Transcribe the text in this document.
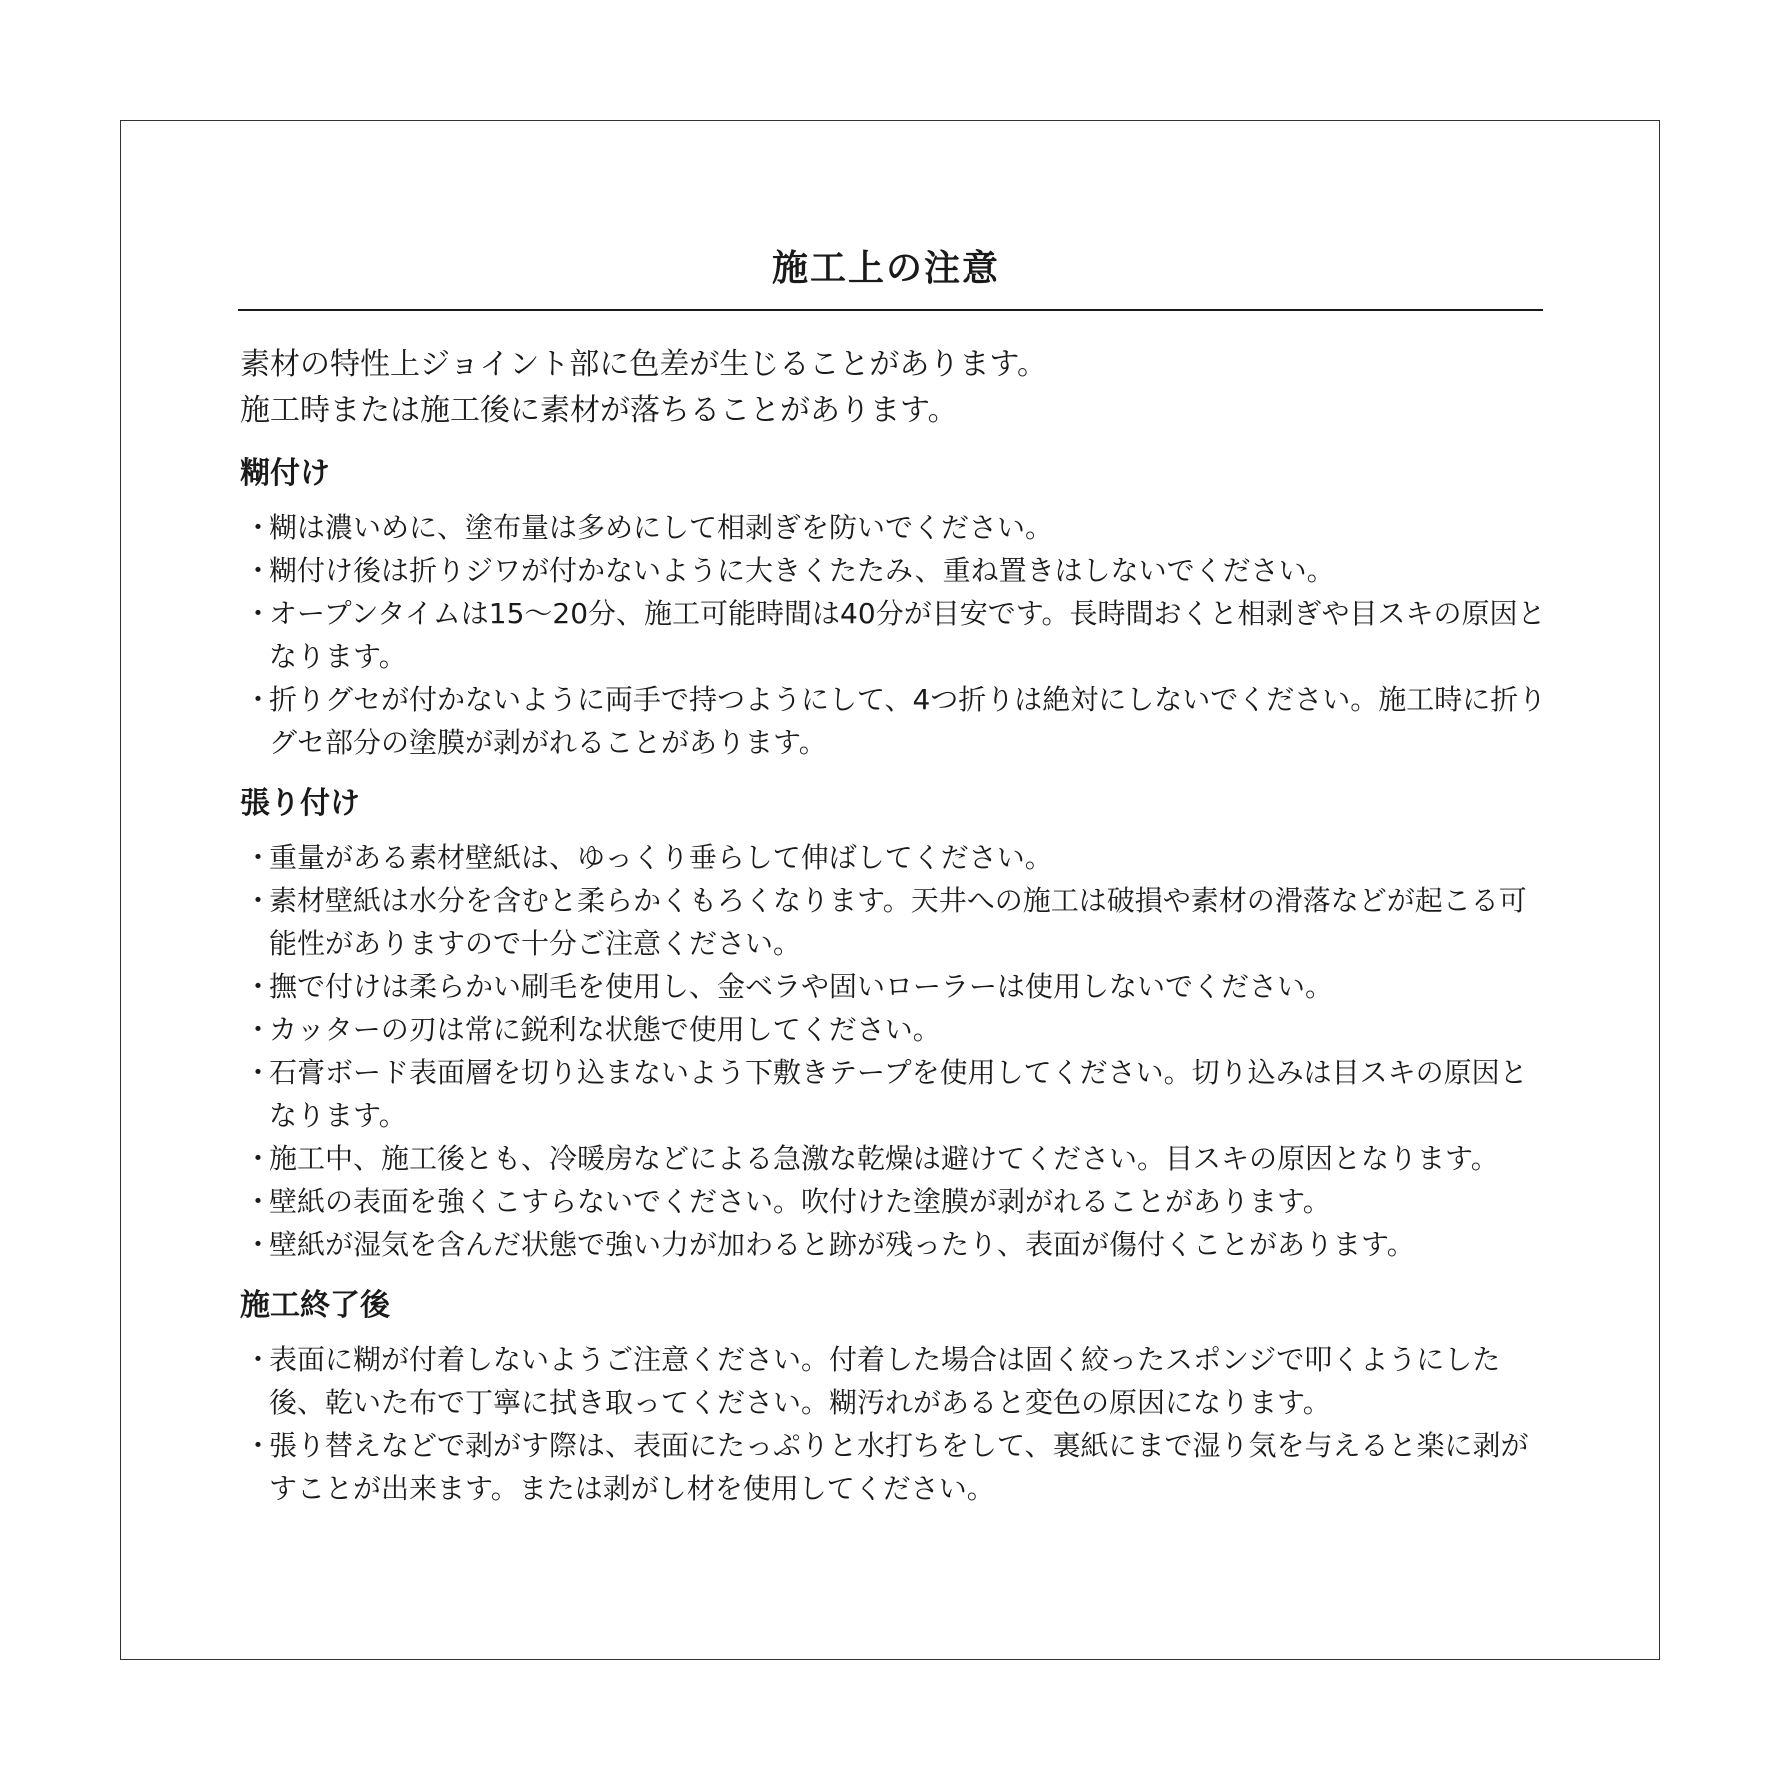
施工上の注意

素材の特性上ジョイント部に色差が生じることがあります。
施工時または施工後に素材が落ちることがあります。

糊付け
・
糊は濃いめに、塗布量は多めにして相剥ぎを防いでください。
・
糊付け後は折りジワが付かないように大きくたたみ、重ね置きはしないでください。
・
オープンタイムは15～20分、施工可能時間は40分が目安です。長時間おくと相剥ぎや目スキの原因となります。
・
折りグセが付かないように両手で持つようにして、4つ折りは絶対にしないでください。施工時に折りグセ部分の塗膜が剥がれることがあります。
張り付け
・
重量がある素材壁紙は、ゆっくり垂らして伸ばしてください。
・
素材壁紙は水分を含むと柔らかくもろくなります。天井への施工は破損や素材の滑落などが起こる可能性がありますので十分ご注意ください。
・
撫で付けは柔らかい刷毛を使用し、金ベラや固いローラーは使用しないでください。
・
カッターの刃は常に鋭利な状態で使用してください。
・
石膏ボード表面層を切り込まないよう下敷きテープを使用してください。切り込みは目スキの原因となります。
・
施工中、施工後とも、冷暖房などによる急激な乾燥は避けてください。目スキの原因となります。
・
壁紙の表面を強くこすらないでください。吹付けた塗膜が剥がれることがあります。
・
壁紙が湿気を含んだ状態で強い力が加わると跡が残ったり、表面が傷付くことがあります。
施工終了後
・
表面に糊が付着しないようご注意ください。付着した場合は固く絞ったスポンジで叩くようにした後、乾いた布で丁寧に拭き取ってください。糊汚れがあると変色の原因になります。
・
張り替えなどで剥がす際は、表面にたっぷりと水打ちをして、裏紙にまで湿り気を与えると楽に剥がすことが出来ます。または剥がし材を使用してください。
